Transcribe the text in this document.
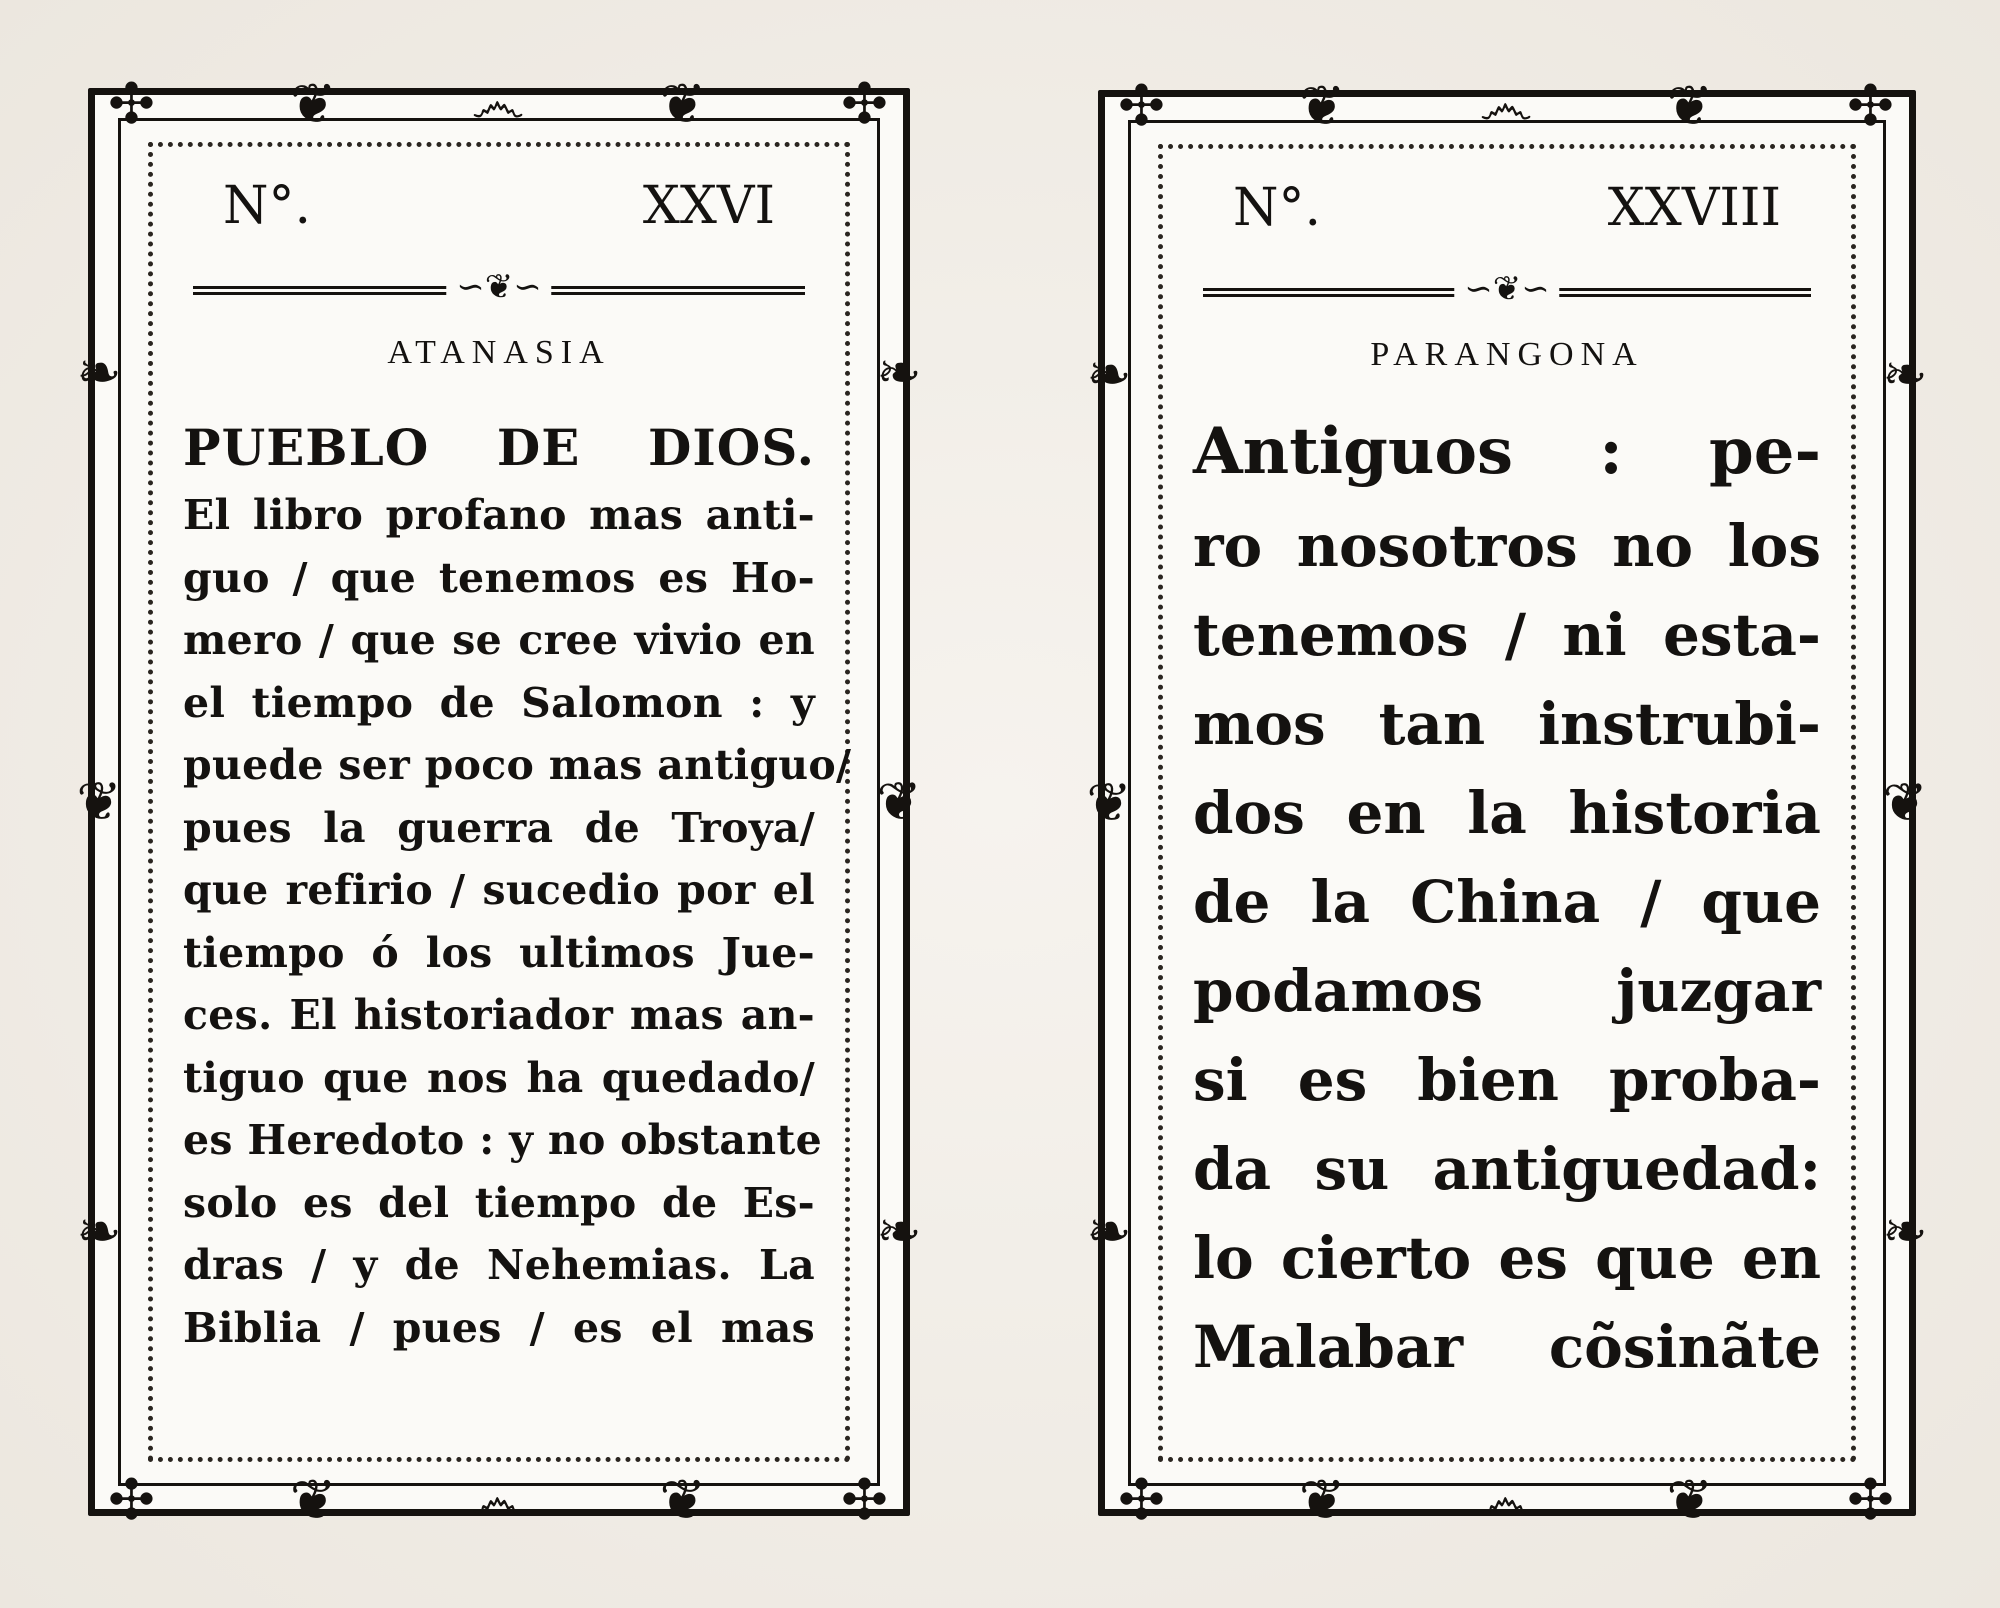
✣ ❦ ෴ ❦ ✣
✣ ❦ ෴ ❦ ✣
❧
❦
❧
❧
❦
❧
N°.	XXVI
∽❦∽
ATANASIA
PUEBLO DE DIOS.
El libro profano mas anti-
guo / que tenemos es Ho-
mero / que se cree vivio en
el tiempo de Salomon : y
puede ser poco mas antiguo/
pues la guerra de Troya/
que refirio / sucedio por el
tiempo ó los ultimos Jue-
ces. El historiador mas an-
tiguo que nos ha quedado/
es Heredoto : y no obstante
solo es del tiempo de Es-
dras / y de Nehemias. La
Biblia / pues / es el mas
✣ ❦ ෴ ❦ ✣
✣ ❦ ෴ ❦ ✣
❧
❦
❧
❧
❦
❧
N°.	XXVIII
∽❦∽
PARANGONA
Antiguos : pe-
ro nosotros no los
tenemos / ni esta-
mos tan instrubi-
dos en la historia
de la China / que
podamos juzgar
si es bien proba-
da su antiguedad:
lo cierto es que en
Malabar cõsinãte
